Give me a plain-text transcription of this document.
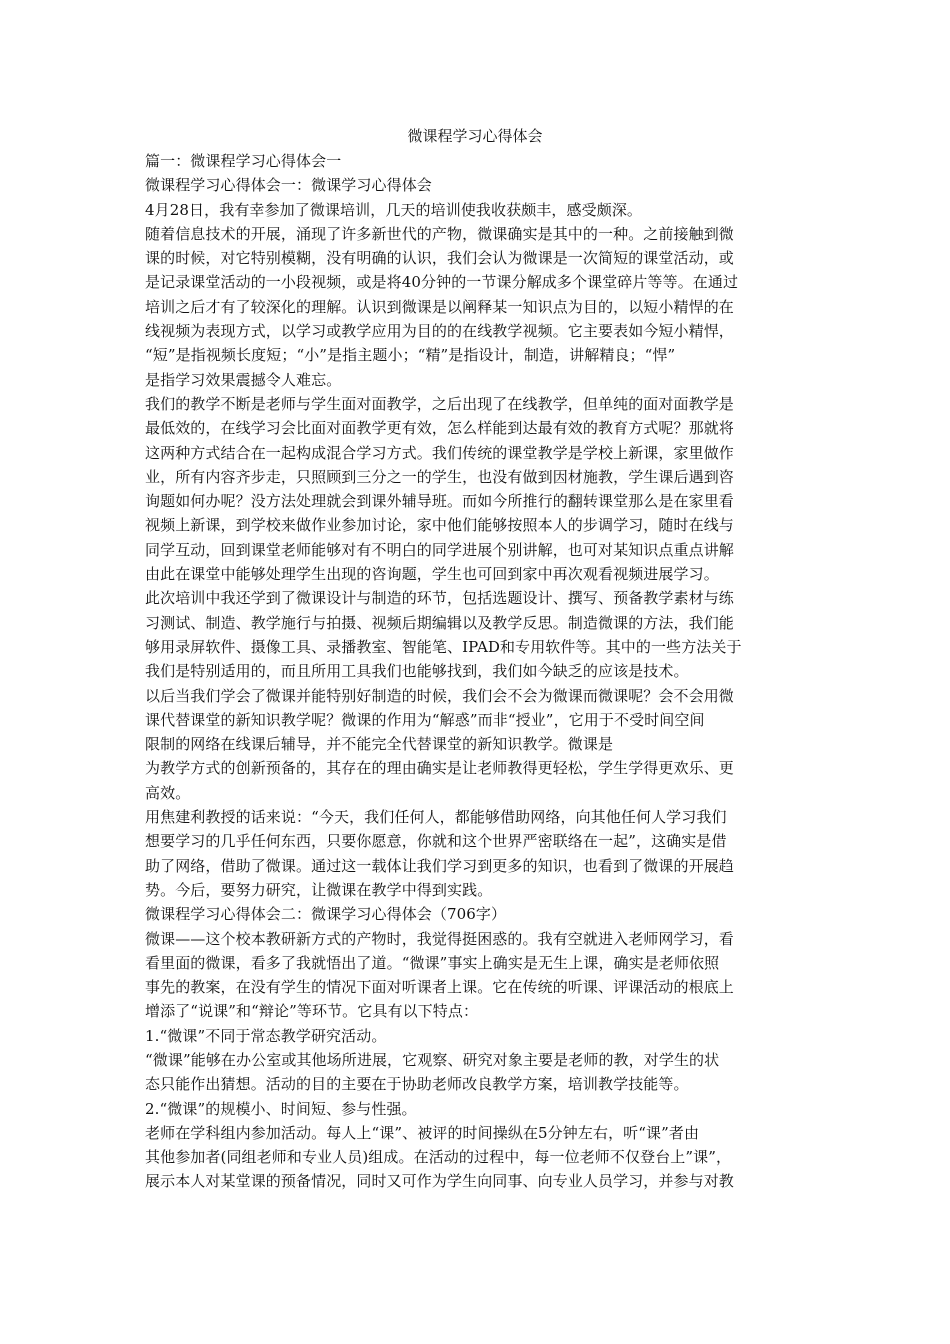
微课程学习心得体会
篇一：微课程学习心得体会一
微课程学习心得体会一：微课学习心得体会
4月28日，我有幸参加了微课培训，几天的培训使我收获颇丰，感受颇深。
随着信息技术的开展，涌现了许多新世代的产物，微课确实是其中的一种。之前接触到微
课的时候，对它特别模糊，没有明确的认识，我们会认为微课是一次简短的课堂活动，或
是记录课堂活动的一小段视频，或是将40分钟的一节课分解成多个课堂碎片等等。在通过
培训之后才有了较深化的理解。认识到微课是以阐释某一知识点为目的，以短小精悍的在
线视频为表现方式，以学习或教学应用为目的的在线教学视频。它主要表如今短小精悍，
“短”是指视频长度短；“小”是指主题小；“精”是指设计，制造，讲解精良；“悍”
是指学习效果震撼令人难忘。
我们的教学不断是老师与学生面对面教学，之后出现了在线教学，但单纯的面对面教学是
最低效的，在线学习会比面对面教学更有效，怎么样能到达最有效的教育方式呢？那就将
这两种方式结合在一起构成混合学习方式。我们传统的课堂教学是学校上新课，家里做作
业，所有内容齐步走，只照顾到三分之一的学生，也没有做到因材施教，学生课后遇到咨
询题如何办呢？没方法处理就会到课外辅导班。而如今所推行的翻转课堂那么是在家里看
视频上新课，到学校来做作业参加讨论，家中他们能够按照本人的步调学习，随时在线与
同学互动，回到课堂老师能够对有不明白的同学进展个别讲解，也可对某知识点重点讲解
由此在课堂中能够处理学生出现的咨询题，学生也可回到家中再次观看视频进展学习。
此次培训中我还学到了微课设计与制造的环节，包括选题设计、撰写、预备教学素材与练
习测试、制造、教学施行与拍摄、视频后期编辑以及教学反思。制造微课的方法，我们能
够用录屏软件、摄像工具、录播教室、智能笔、IPAD和专用软件等。其中的一些方法关于
我们是特别适用的，而且所用工具我们也能够找到，我们如今缺乏的应该是技术。
以后当我们学会了微课并能特别好制造的时候，我们会不会为微课而微课呢？会不会用微
课代替课堂的新知识教学呢？微课的作用为“解惑”而非“授业”，它用于不受时间空间
限制的网络在线课后辅导，并不能完全代替课堂的新知识教学。微课是
为教学方式的创新预备的，其存在的理由确实是让老师教得更轻松，学生学得更欢乐、更
高效。
用焦建利教授的话来说：“今天，我们任何人，都能够借助网络，向其他任何人学习我们
想要学习的几乎任何东西，只要你愿意，你就和这个世界严密联络在一起”，这确实是借
助了网络，借助了微课。通过这一载体让我们学习到更多的知识，也看到了微课的开展趋
势。今后，要努力研究，让微课在教学中得到实践。
微课程学习心得体会二：微课学习心得体会（706字）
微课——这个校本教研新方式的产物时，我觉得挺困惑的。我有空就进入老师网学习，看
看里面的微课，看多了我就悟出了道。“微课”事实上确实是无生上课，确实是老师依照
事先的教案，在没有学生的情况下面对听课者上课。它在传统的听课、评课活动的根底上
增添了“说课”和“辩论”等环节。它具有以下特点：
1.“微课”不同于常态教学研究活动。
“微课”能够在办公室或其他场所进展，它观察、研究对象主要是老师的教，对学生的状
态只能作出猜想。活动的目的主要在于协助老师改良教学方案，培训教学技能等。
2.“微课”的规模小、时间短、参与性强。
老师在学科组内参加活动。每人上“课”、被评的时间操纵在5分钟左右，听“课”者由
其他参加者(同组老师和专业人员)组成。在活动的过程中，每一位老师不仅登台上”课”，
展示本人对某堂课的预备情况，同时又可作为学生向同事、向专业人员学习，并参与对教
